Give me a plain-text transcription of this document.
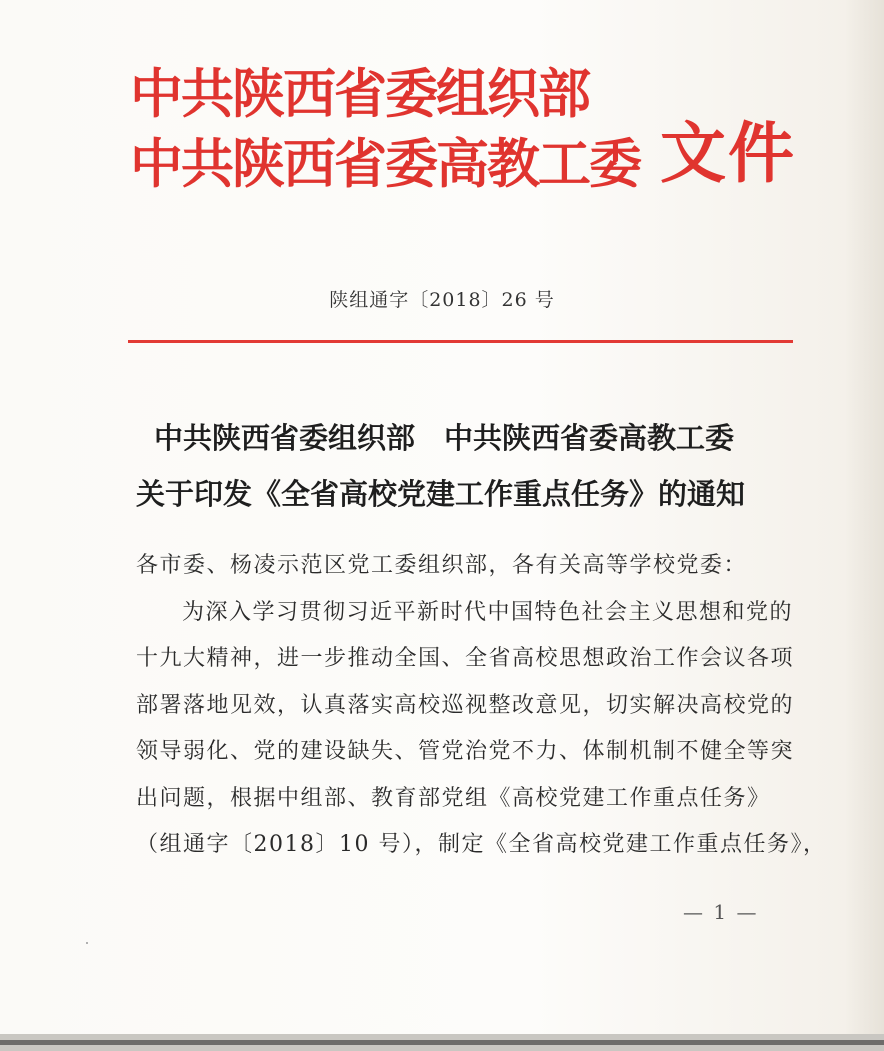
中共陕西省委组织部
中共陕西省委高教工委 文件
陕组通字〔2018〕26 号
中共陕西省委组织部　中共陕西省委高教工委
关于印发《全省高校党建工作重点任务》的通知
各市委、杨凌示范区党工委组织部，各有关高等学校党委：
为深入学习贯彻习近平新时代中国特色社会主义思想和党的
十九大精神，进一步推动全国、全省高校思想政治工作会议各项
部署落地见效，认真落实高校巡视整改意见，切实解决高校党的
领导弱化、党的建设缺失、管党治党不力、体制机制不健全等突
出问题，根据中组部、教育部党组《高校党建工作重点任务》
（组通字〔2018〕10 号），制定《全省高校党建工作重点任务》，
— 1 —
